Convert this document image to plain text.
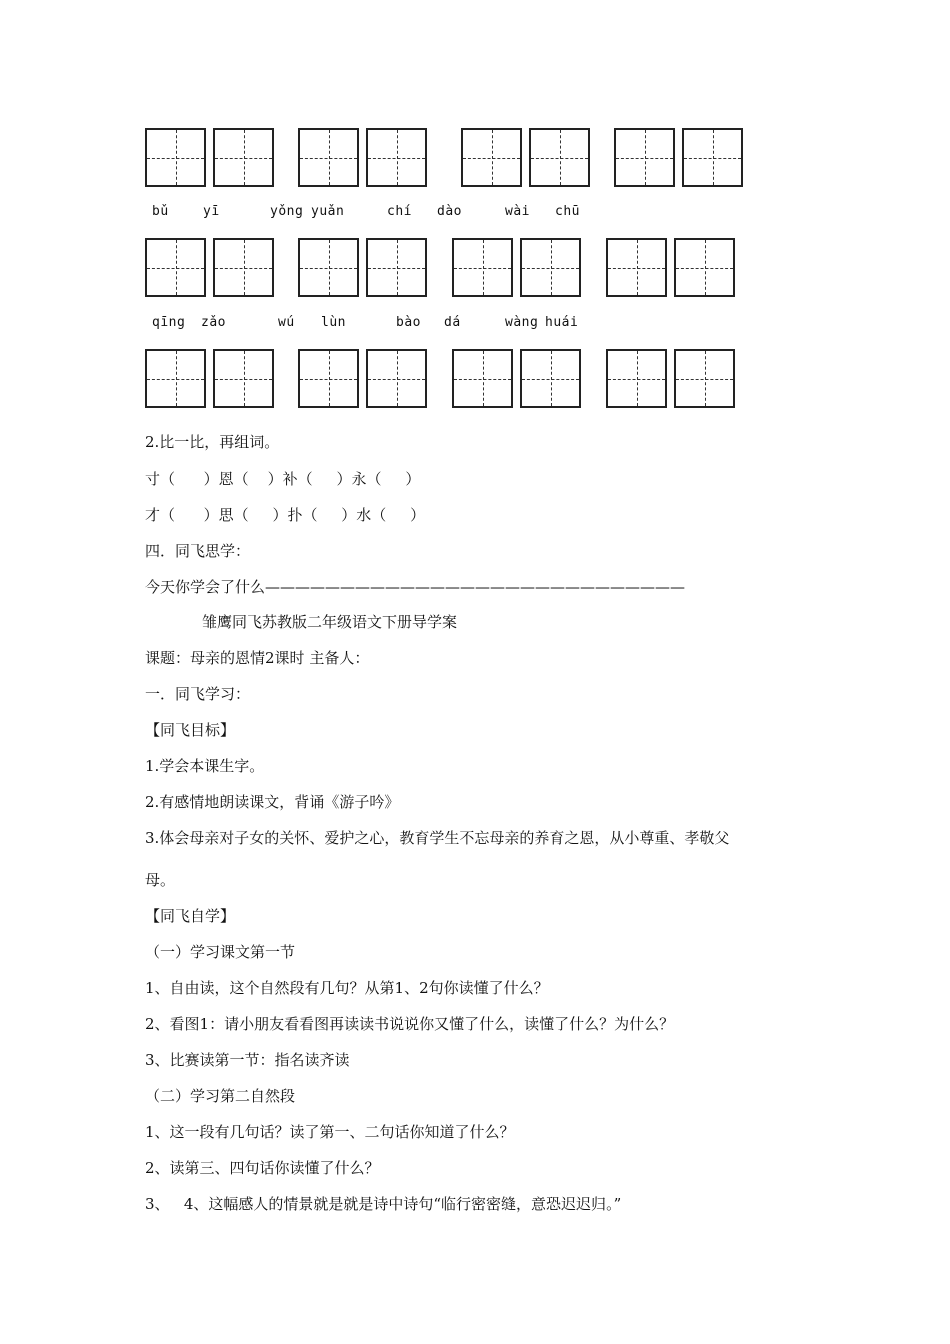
bǔ	yī	yǒng yuǎn	chí dào	wài chū
qīng zǎo	wú lùn	bào dá	wàng huái
2.比一比，再组词。
寸（      ）恩（    ）补（     ）永（     ）
才（      ）思（     ）扑（     ）水（     ）
四．同飞思学：
今天你学会了什么————————————————————————————
雏鹰同飞苏教版二年级语文下册导学案
课题：母亲的恩情2课时 主备人：
一．同飞学习：
【同飞目标】
1.学会本课生字。
2.有感情地朗读课文，背诵《游子吟》
3.体会母亲对子女的关怀、爱护之心，教育学生不忘母亲的养育之恩，从小尊重、孝敬父
母。
【同飞自学】
（一）学习课文第一节
1、自由读，这个自然段有几句？从第1、2句你读懂了什么？
2、看图1：请小朋友看看图再读读书说说你又懂了什么，读懂了什么？为什么？
3、比赛读第一节：指名读齐读
（二）学习第二自然段
1、这一段有几句话？读了第一、二句话你知道了什么？
2、读第三、四句话你读懂了什么？
3、   4、这幅感人的情景就是就是诗中诗句“临行密密缝，意恐迟迟归。”
